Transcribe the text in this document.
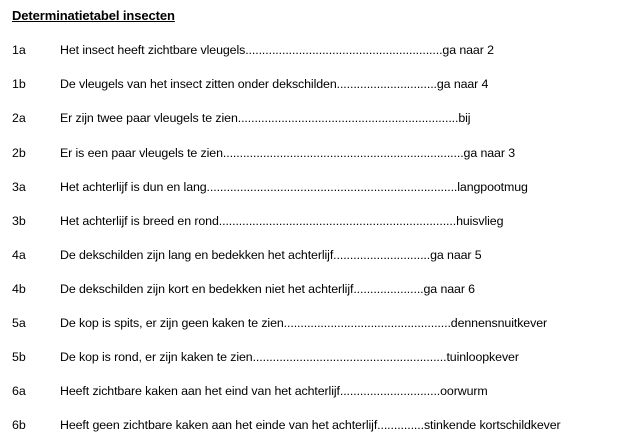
Determinatietabel insecten
1a	Het insect heeft zichtbare vleugels...........................................................ga naar 2
1b	De vleugels van het insect zitten onder dekschilden..............................ga naar 4
2a	Er zijn twee paar vleugels te zien..................................................................bij
2b	Er is een paar vleugels te zien........................................................................ga naar 3
3a	Het achterlijf is dun en lang...........................................................................langpootmug
3b	Het achterlijf is breed en rond.......................................................................huisvlieg
4a	De dekschilden zijn lang en bedekken het achterlijf.............................ga naar 5
4b	De dekschilden zijn kort en bedekken niet het achterlijf.....................ga naar 6
5a	De kop is spits, er zijn geen kaken te zien..................................................dennensnuitkever
5b	De kop is rond, er zijn kaken te zien..........................................................tuinloopkever
6a	Heeft zichtbare kaken aan het eind van het achterlijf..............................oorwurm
6b	Heeft geen zichtbare kaken aan het einde van het achterlijf..............stinkende kortschildkever
